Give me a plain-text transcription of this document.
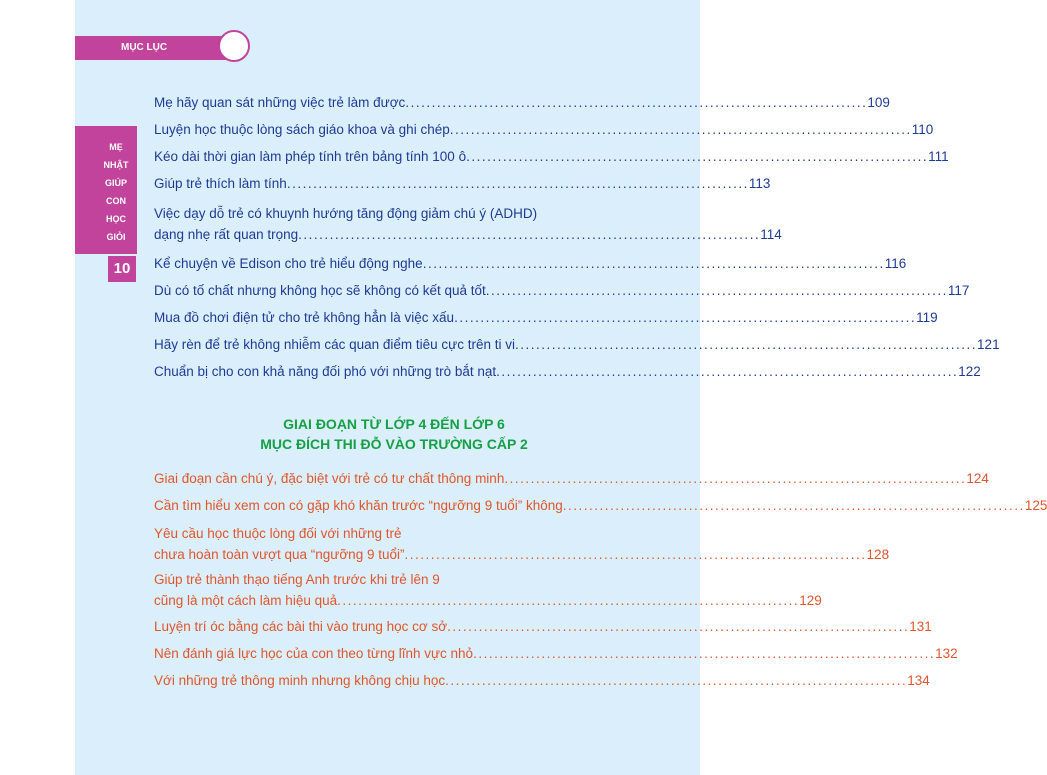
MỤC LỤC
MẸ
NHẬT
GIÚP
CON
HỌC
GIỎI
10
Mẹ hãy quan sát những việc trẻ làm được ........................................................................................ 109
Luyện học thuộc lòng sách giáo khoa và ghi chép ........................................................................................ 110
Kéo dài thời gian làm phép tính trên bảng tính 100 ô ........................................................................................ 111
Giúp trẻ thích làm tính ........................................................................................ 113
Việc dạy dỗ trẻ có khuynh hướng tăng động giảm chú ý (ADHD)
dạng nhẹ rất quan trọng ........................................................................................ 114
Kể chuyện về Edison cho trẻ hiểu động nghe ........................................................................................ 116
Dù có tố chất nhưng không học sẽ không có kết quả tốt ........................................................................................ 117
Mua đồ chơi điện tử cho trẻ không hẳn là việc xấu ........................................................................................ 119
Hãy rèn để trẻ không nhiễm các quan điểm tiêu cực trên ti vi ........................................................................................ 121
Chuẩn bị cho con khả năng đối phó với những trò bắt nạt ........................................................................................ 122
GIAI ĐOẠN TỪ LỚP 4 ĐẾN LỚP 6
MỤC ĐÍCH THI ĐỖ VÀO TRƯỜNG CẤP 2
Giai đoạn cần chú ý, đặc biệt với trẻ có tư chất thông minh ........................................................................................ 124
Cần tìm hiểu xem con có gặp khó khăn trước “ngưỡng 9 tuổi” không ........................................................................................ 125
Yêu cầu học thuộc lòng đối với những trẻ
chưa hoàn toàn vượt qua “ngưỡng 9 tuổi” ........................................................................................ 128
Giúp trẻ thành thạo tiếng Anh trước khi trẻ lên 9
cũng là một cách làm hiệu quả ........................................................................................ 129
Luyện trí óc bằng các bài thi vào trung học cơ sở ........................................................................................ 131
Nên đánh giá lực học của con theo từng lĩnh vực nhỏ ........................................................................................ 132
Với những trẻ thông minh nhưng không chịu học ........................................................................................ 134
